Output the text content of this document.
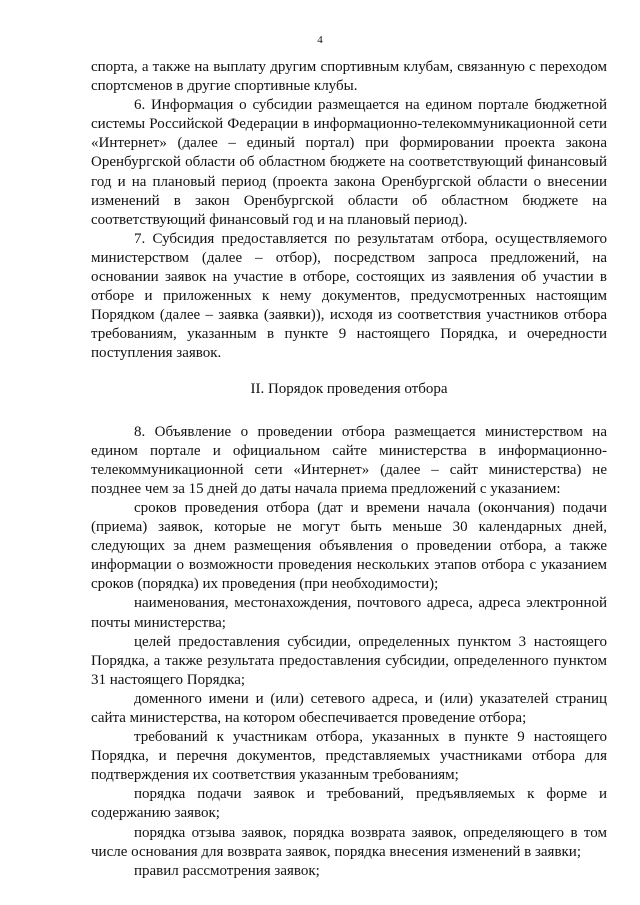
4

спорта, а также на выплату другим спортивным клубам, связанную с переходом спортсменов в другие спортивные клубы.

6. Информация о субсидии размещается на едином портале бюджетной системы Российской Федерации в информационно-телекоммуникационной сети «Интернет» (далее – единый портал) при формировании проекта закона Оренбургской области об областном бюджете на соответствующий финансовый год и на плановый период (проекта закона Оренбургской области о внесении изменений в закон Оренбургской области об областном бюджете на соответствующий финансовый год и на плановый период).

7. Субсидия предоставляется по результатам отбора, осуществляемого министерством (далее – отбор), посредством запроса предложений, на основании заявок на участие в отборе, состоящих из заявления об участии в отборе и приложенных к нему документов, предусмотренных настоящим Порядком (далее – заявка (заявки)), исходя из соответствия участников отбора требованиям, указанным в пункте 9 настоящего Порядка, и очередности поступления заявок.

II. Порядок проведения отбора

8. Объявление о проведении отбора размещается министерством на едином портале и официальном сайте министерства в информационно-телекоммуникационной сети «Интернет» (далее – сайт министерства) не позднее чем за 15 дней до даты начала приема предложений с указанием:

сроков проведения отбора (дат и времени начала (окончания) подачи (приема) заявок, которые не могут быть меньше 30 календарных дней, следующих за днем размещения объявления о проведении отбора, а также информации о возможности проведения нескольких этапов отбора с указанием сроков (порядка) их проведения (при необходимости);

наименования, местонахождения, почтового адреса, адреса электронной почты министерства;

целей предоставления субсидии, определенных пунктом 3 настоящего Порядка, а также результата предоставления субсидии, определенного пунктом 31 настоящего Порядка;

доменного имени и (или) сетевого адреса, и (или) указателей страниц сайта министерства, на котором обеспечивается проведение отбора;

требований к участникам отбора, указанных в пункте 9 настоящего Порядка, и перечня документов, представляемых участниками отбора для подтверждения их соответствия указанным требованиям;

порядка подачи заявок и требований, предъявляемых к форме и содержанию заявок;

порядка отзыва заявок, порядка возврата заявок, определяющего в том числе основания для возврата заявок, порядка внесения изменений в заявки;

правил рассмотрения заявок;
